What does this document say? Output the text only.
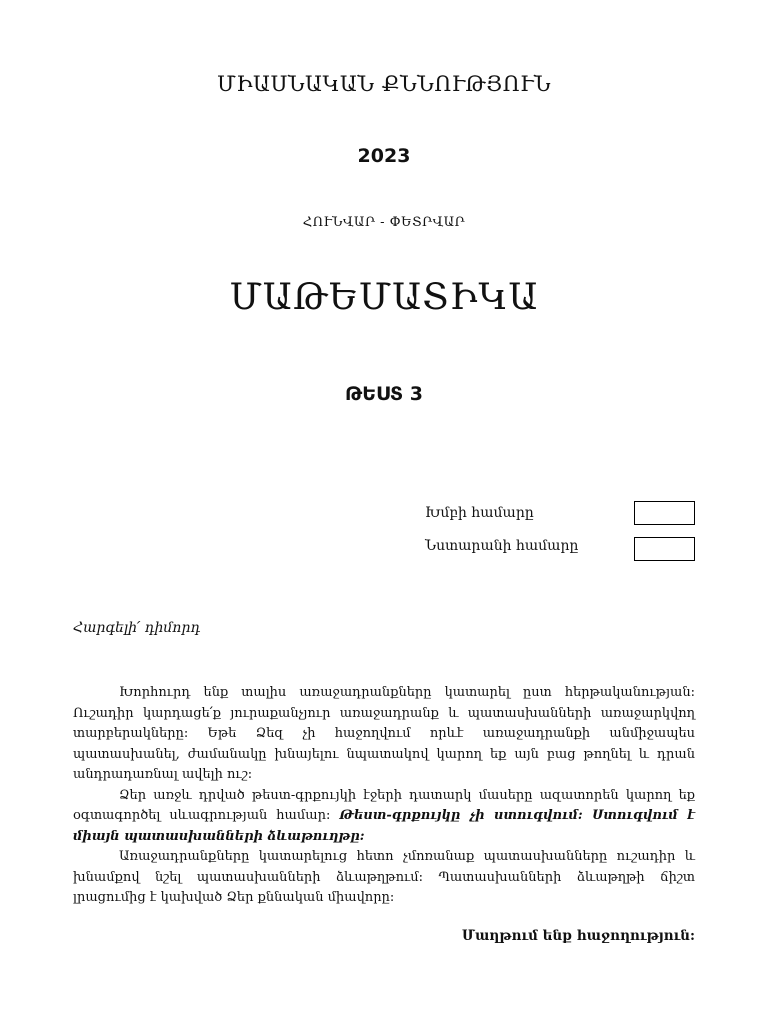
ՄԻԱՍՆԱԿԱՆ ՔՆՆՈՒԹՅՈՒՆ
2023
ՀՈՒՆՎԱՐ - ՓԵՏՐՎԱՐ
ՄԱԹԵՄԱՏԻԿԱ
ԹԵՍՏ 3
Խմբի համարը
Նստարանի համարը
Հարգելի՛ դիմորդ

Խորհուրդ ենք տալիս առաջադրանքները կատարել ըստ հերթականության: Ուշադիր կարդացե՛ք յուրաքանչյուր առաջադրանք և պատասխանների առաջարկվող տարբերակները: Եթե Ձեզ չի հաջողվում որևէ առաջադրանքի անմիջապես պատասխանել, ժամանակը խնայելու նպատակով կարող եք այն բաց թողնել և դրան անդրադառնալ ավելի ուշ:

Ձեր առջև դրված թեստ-գրքույկի էջերի դատարկ մասերը ազատորեն կարող եք օգտագործել սևագրության համար: Թեստ-գրքույկը չի ստուգվում: Ստուգվում է միայն պատասխանների ձևաթուղթը:

Առաջադրանքները կատարելուց հետո չմոռանաք պատասխանները ուշադիր և խնամքով նշել պատասխանների ձևաթղթում: Պատասխանների ձևաթղթի ճիշտ լրացումից է կախված Ձեր քննական միավորը:

Մաղթում ենք հաջողություն:
